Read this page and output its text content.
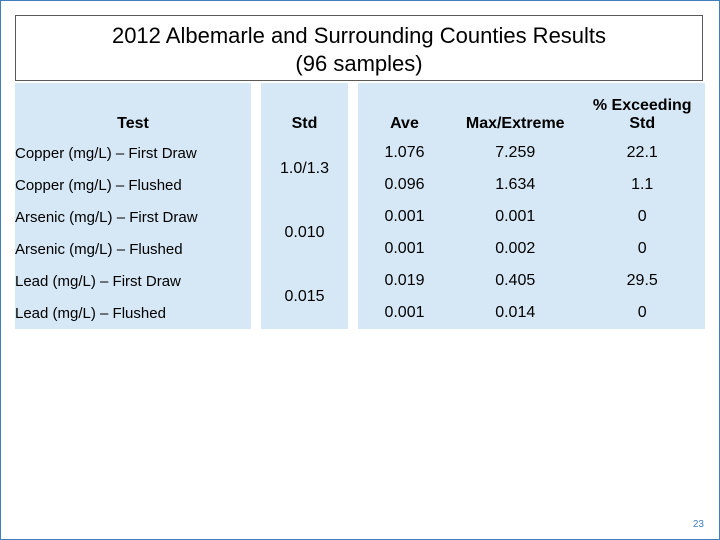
2012 Albemarle and Surrounding Counties Results
(96 samples)
Test		Std		Ave	Max/Extreme	% Exceeding
Std

Copper (mg/L) – First Draw		1.0/1.3		1.076	7.259	22.1
Copper (mg/L) – Flushed				0.096	1.634	1.1
Arsenic (mg/L) – First Draw		0.010		0.001	0.001	0
Arsenic (mg/L) – Flushed				0.001	0.002	0
Lead (mg/L) – First Draw		0.015		0.019	0.405	29.5
Lead (mg/L) – Flushed				0.001	0.014	0
23
